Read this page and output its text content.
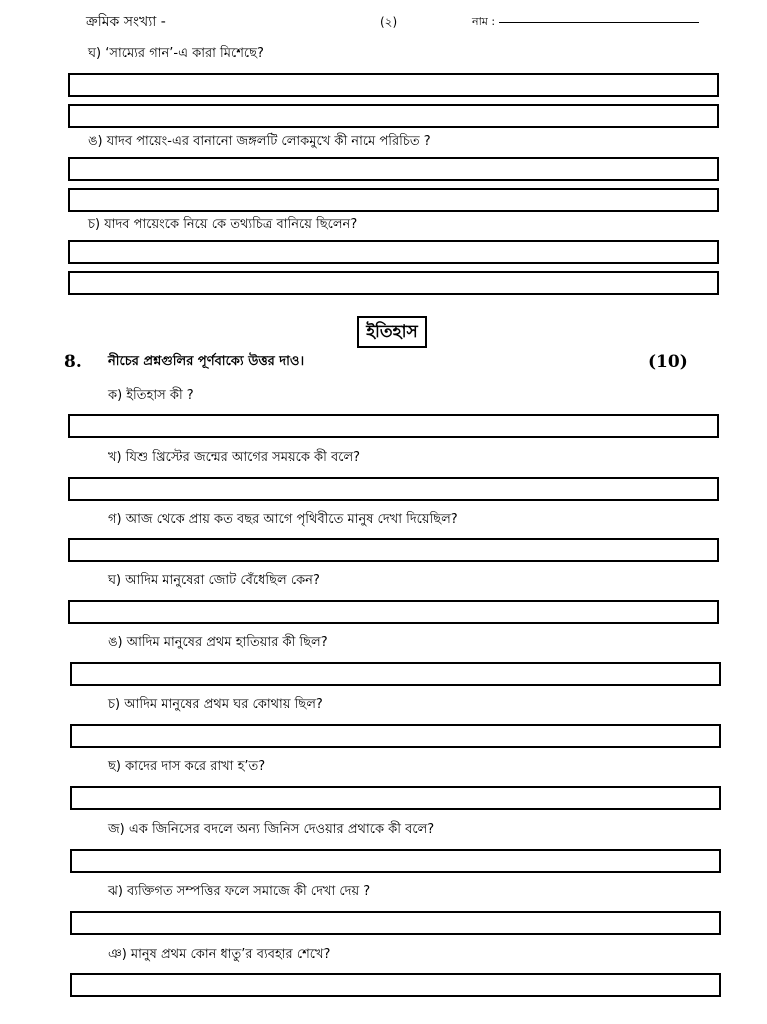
ক্রমিক সংখ্যা -	(২)	নাম :
ঘ) ‘সাম্যের গান’-এ কারা মিশেছে?
ঙ) যাদব পায়েং-এর বানানো জঙ্গলটি লোকমুখে কী নামে পরিচিত ?
চ) যাদব পায়েংকে নিয়ে কে তথ্যচিত্র বানিয়ে ছিলেন?
ইতিহাস
8. নীচের প্রশ্নগুলির পূর্ণবাক্যে উত্তর দাও।	(10)
ক) ইতিহাস কী ?
খ) যিশু খ্রিস্টের জন্মের আগের সময়কে কী বলে?
গ) আজ থেকে প্রায় কত বছর আগে পৃথিবীতে মানুষ দেখা দিয়েছিল?
ঘ) আদিম মানুষেরা জোট বেঁধেছিল কেন?
ঙ) আদিম মানুষের প্রথম হাতিয়ার কী ছিল?
চ) আদিম মানুষের প্রথম ঘর কোথায় ছিল?
ছ) কাদের দাস করে রাখা হ’ত?
জ) এক জিনিসের বদলে অন্য জিনিস দেওয়ার প্রথাকে কী বলে?
ঝ) ব্যক্তিগত সম্পত্তির ফলে সমাজে কী দেখা দেয় ?
ঞ) মানুষ প্রথম কোন ধাতু’র ব্যবহার শেখে?
